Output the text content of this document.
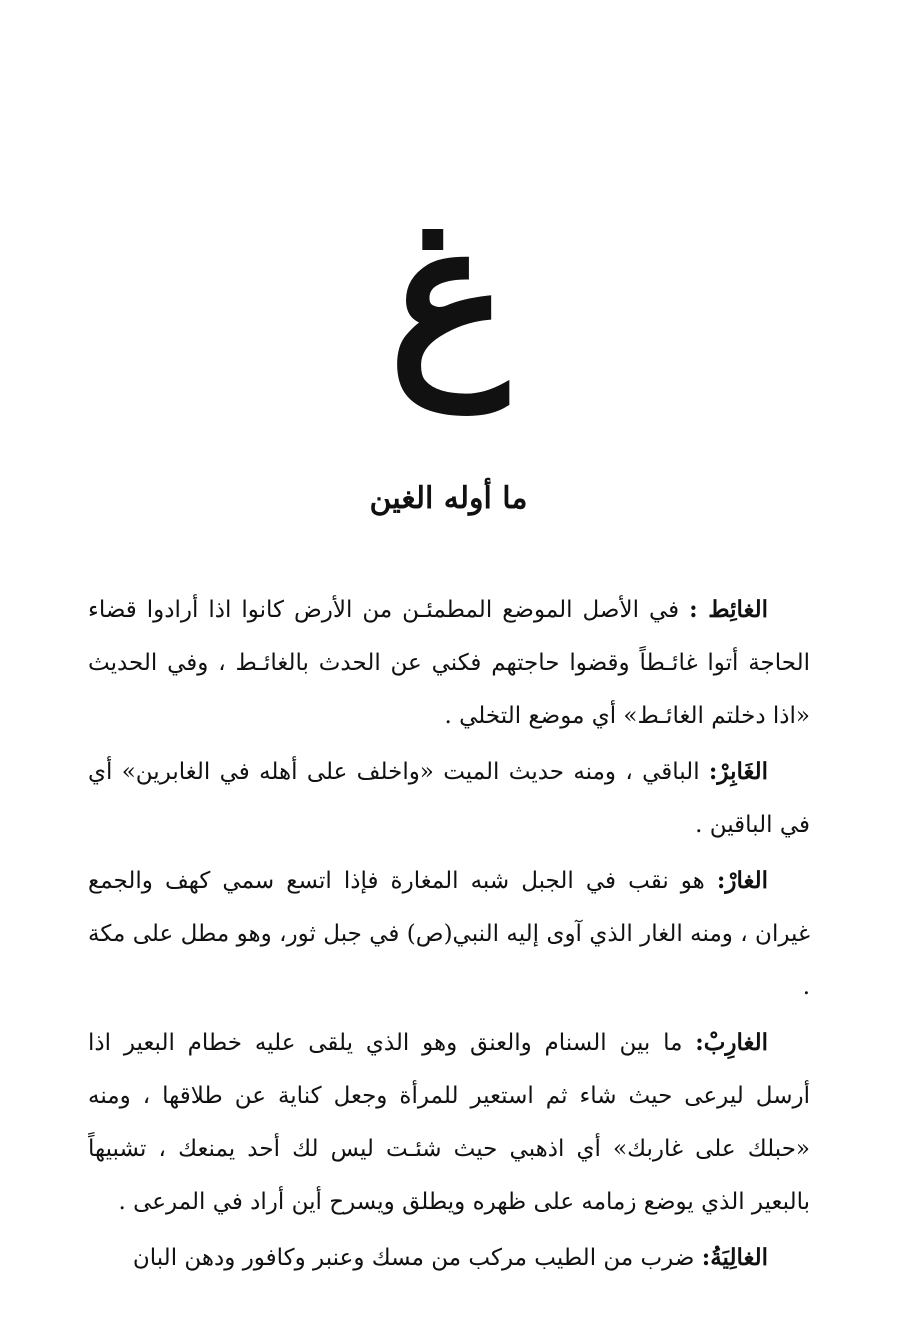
غ
ما أوله الغين

الغائِط : في الأصل الموضع المطمئـن من الأرض كانوا اذا أرادوا قضاء الحاجة أتوا غائـطاً وقضوا حاجتهم فكني عن الحدث بالغائـط ، وفي الحديث «اذا دخلتم الغائـط» أي موضع التخلي .

الغَابِرْ: الباقي ، ومنه حديث الميت «واخلف على أهله في الغابرين» أي في الباقين .

الغارْ: هو نقب في الجبل شبه المغارة فإذا اتسع سمي كهف والجمع غيران ، ومنه الغار الذي آوى إليه النبي(ص) في جبل ثور، وهو مطل على مكة .

الغارِبْ: ما بين السنام والعنق وهو الذي يلقى عليه خطام البعير اذا أرسل ليرعى حيث شاء ثم استعير للمرأة وجعل كناية عن طلاقها ، ومنه «حبلك على غاربك» أي اذهبي حيث شئـت ليس لك أحد يمنعك ، تشبيهاً بالبعير الذي يوضع زمامه على ظهره ويطلق ويسرح أين أراد في المرعى .

الغالِيَةُ: ضرب من الطيب مركب من مسك وعنبر وكافور ودهن البان
